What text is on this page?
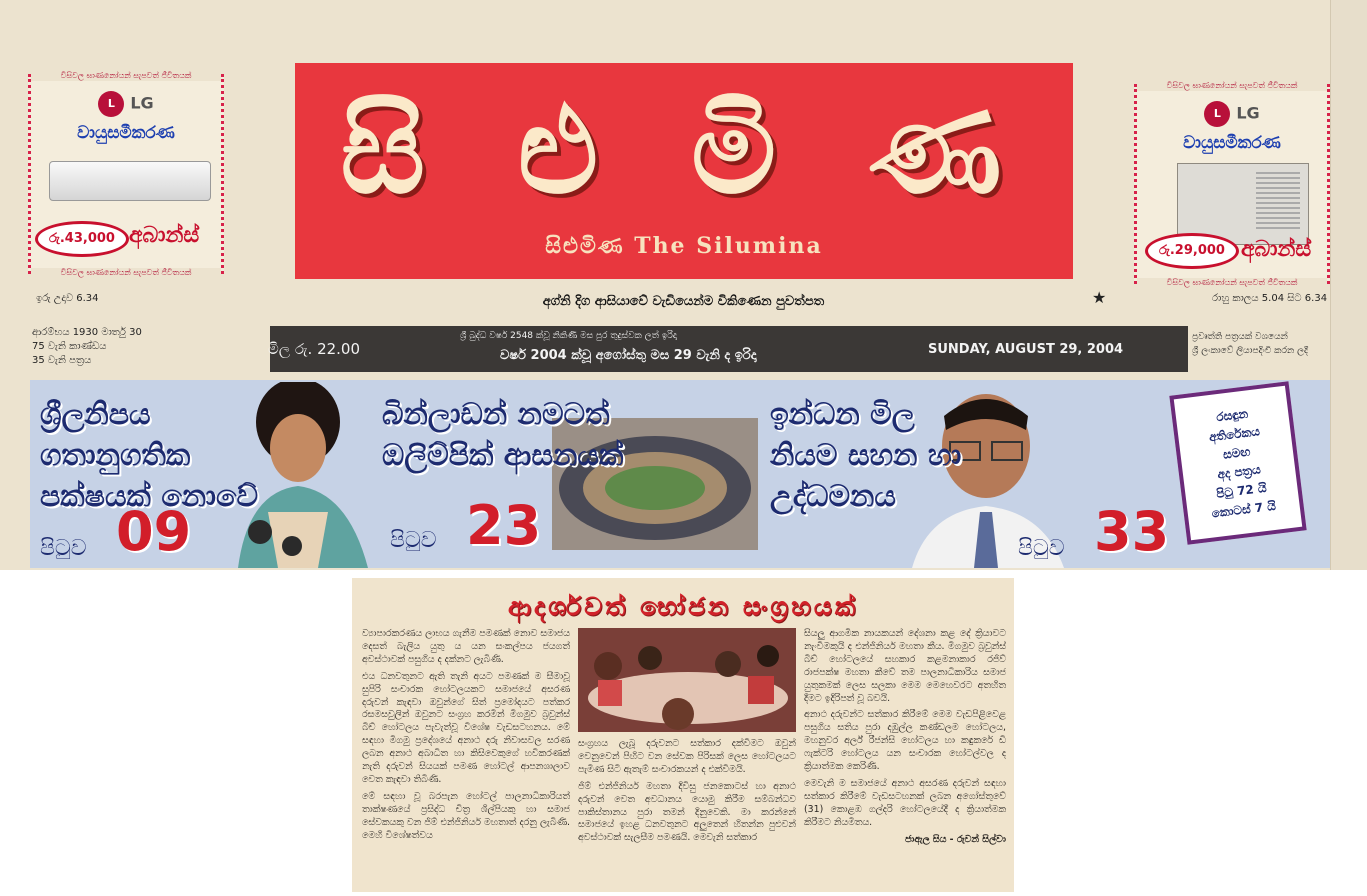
විසිවල ඝාණනෝයන් සැපවත් ජීවිතයක්
L LG
වායුසමීකරණ
රු.43,000 අබාන්ස්
විසිවල ඝාණනෝයන් සැපවත් ජීවිතයක්
විසිවල ඝාණනෝයන් සැපවත් ජීවිතයක්
L LG
වායුසමීකරණ
රු.29,000 අබාන්ස්
විසිවල ඝාණනෝයන් සැපවත් ජීවිතයක්
සි ළු මි ණ
සිළුමිණ The Silumina
ඉරු උදාව 6.34	රාහු කාලය 5.04 සිට 6.34
අග්නි දිග ආසියාවේ වැඩියෙන්ම විකිණෙන පුවත්පත	★
ආරම්භය 1930 මාර්තු 30
75 වැනි කාණ්ඩය
35 වැනි පත්‍රය
මිල රු. 22.00
ශ්‍රී බුද්ධ වර්ෂ 2548 ක්වූ නිකිණි මස පුර තුදුස්වක ලත් ඉරිදා
වර්ෂ 2004 ක්වූ අගෝස්තු මස 29 වැනි ද ඉරිදා	SUNDAY, AUGUST 29, 2004
ප්‍රවෘත්ති පත්‍රයක් වශයෙන්
ශ්‍රී ලංකාවේ ලියාපදිංචි කරන ලදී
ශ්‍රීලනිපය
ගතානුගතික
පක්ෂයක් නොවේ
පිටුව 09
බින්ලාඩන් නමටත්
ඔලිම්පික් ආසනයක්
පිටුව 23
ඉන්ධන මිල
නියම සහන හා
උද්ධමනය
පිටුව 33
රසඳුන
අතිරේකය
සමඟ
අද පත්‍රය
පිටු 72 යි
කොටස් 7 යි
ආදර්ශවත් භෝජන සංග්‍රහයක්

ව්‍යාපාරකරණය ලාභය ගැනීම පමණක් නොව සමාජය දෙසත් බැලිය යුතු ය යන සංකල්පය ජයගත් අවස්ථාවක් පසුගිය ද දක්නට ලැබිණි.

එය ධනවතුනට ඇති තැනි අයට පමණක් ම සීමාවූ සුපිරි සංචාරක හෝටලයකට සමාජයේ අසරණ දරුවන් කැඳවා ඔවුන්ගේ සිත් ප්‍රමෝදයට පත්කර රසමසවුලින් ඔවුනට සංග්‍රහ කරමින් මිගමුව බ්‍රවුන්ස් බීච් හෝටලය පැවැත්වූ විශේෂ වැඩසටහනය. මේ සඳහා මිගමු ප්‍රදේශයේ අනාථ දරු නිවාසවල සරණ ලබන අනාථ අබාධිත හා කිසිවෙකුගේ හවිකරණක් නැති දරුවන් සියයක් පමණ හෝටල් ආපනශාලාව වෙත කැඳවා තිබිණි.

මේ සඳහා වූ බරපැන හෝටල් පාලනාධිකාරියත් තාක්ෂණයේ ප්‍රසිද්ධ චිත්‍ර ශිල්පියකු හා සමාජ සේවකයකු වන ජිම් එන්ජිනියර් මහතාත් දරනු ලැබිණි. මෙහි විශේෂත්වය

සංග්‍රහය ලැබූ දරුවනට සත්කාර දක්වීමට ඔවුන් වෙනුවෙන් පිහිට වන සේවක පිරිසක් ලෙස හෝටලයට පැමිණ සිටි ඇතැම් සංචාරකයන් ද එක්වීමයි.

ජිම් එන්ජිනියර් මහතා දිවිසු ජනකොටස් හා අනාථ දරුවන් වෙත අවධානය යොමු කිරීම සම්බන්ධව පාකිස්තානය පුරා තමන් දිනුවෙකි. මා කරන්නේ සමාජයේ ඉහළ ධනවතුනට අලුතෙන් හිතන්න පුළුවන් අවස්ථාවක් සැලසීම පමණයි. මෙවැනි සත්කාර

සියලු ආගමික නායකයන් දේශනා කළ දේ ක්‍රියාවට නැංවීමකුයි ද එන්ජිනියර් මහතා කීය. මිගමුව බ්‍රවුන්ස් බීච් හෝටලයේ සහකාර කළමනාකාර රජිව් රාජපක්ෂ මහතා කීවේ තම පාලනාධිකාරිය සමාජ යුතුකමක් ලෙස සලකා මෙම මෙහෙවරට අතහිත දීමට ඉදිරිපත් වූ බවයි.

අනාථ දරුවන්ට සත්කාර කිරීමේ මෙම වැඩපිළිවෙළ පසුගිය සතිය පුරා දඹුල්ල කණ්ඩලම හෝටලය, මහනුවර අර්ල් රීජන්සි හෝටලය හා කඳුකරේ ඩී ෆැක්ටරි හෝටලය යන සංචාරක හෝටල්වල ද ක්‍රියාත්මක කෙරිණි.

මෙවැනි ම සමාජයේ අනාථ අසරණ දරුවන් සඳහා සත්කාර කිරීමේ වැඩසටහනක් ලබන අගෝස්තුවේ (31) කොළඹ ගල්දරි හෝටලයේදී ද ක්‍රියාත්මක කිරීමට නියමිතය.

ජාඇල සිය - රුවන් සිල්වා
